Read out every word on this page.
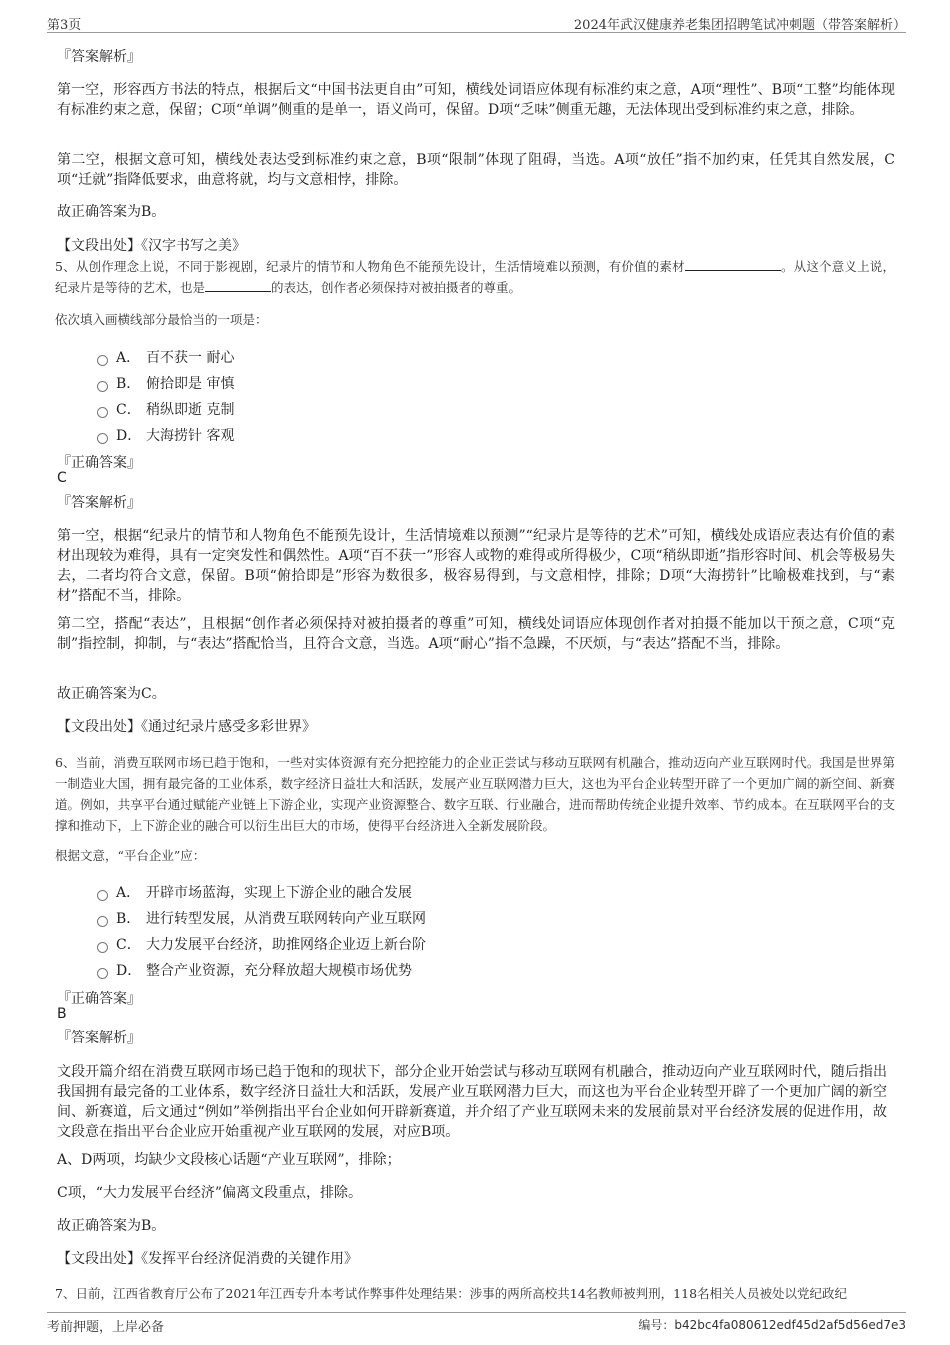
第3页	2024年武汉健康养老集团招聘笔试冲刺题（带答案解析）
『答案解析』
第一空，形容西方书法的特点，根据后文“中国书法更自由”可知，横线处词语应体现有标准约束之意，A项“理性”、B项“工整”均能体现有标准约束之意，保留；C项“单调”侧重的是单一，语义尚可，保留。D项“乏味”侧重无趣，无法体现出受到标准约束之意，排除。
第二空，根据文意可知，横线处表达受到标准约束之意，B项“限制”体现了阻碍，当选。A项“放任”指不加约束，任凭其自然发展，C项“迁就”指降低要求，曲意将就，均与文意相悖，排除。
故正确答案为B。
【文段出处】《汉字书写之美》
5、从创作理念上说，不同于影视剧，纪录片的情节和人物角色不能预先设计，生活情境难以预测，有价值的素材	。从这个意义上说，纪录片是等待的艺术，也是	的表达，创作者必须保持对被拍摄者的尊重。
依次填入画横线部分最恰当的一项是：
A． 百不获一 耐心
B． 俯拾即是 审慎
C． 稍纵即逝 克制
D． 大海捞针 客观
『正确答案』
C
『答案解析』
第一空，根据“纪录片的情节和人物角色不能预先设计，生活情境难以预测”“纪录片是等待的艺术”可知，横线处成语应表达有价值的素材出现较为难得，具有一定突发性和偶然性。A项“百不获一”形容人或物的难得或所得极少，C项“稍纵即逝”指形容时间、机会等极易失去，二者均符合文意，保留。B项“俯拾即是”形容为数很多，极容易得到，与文意相悖，排除；D项“大海捞针”比喻极难找到，与“素材”搭配不当，排除。
第二空，搭配“表达”，且根据“创作者必须保持对被拍摄者的尊重”可知，横线处词语应体现创作者对拍摄不能加以干预之意，C项“克制”指控制，抑制，与“表达”搭配恰当，且符合文意，当选。A项“耐心”指不急躁，不厌烦，与“表达”搭配不当，排除。
故正确答案为C。
【文段出处】《通过纪录片感受多彩世界》
6、当前，消费互联网市场已趋于饱和，一些对实体资源有充分把控能力的企业正尝试与移动互联网有机融合，推动迈向产业互联网时代。我国是世界第一制造业大国，拥有最完备的工业体系，数字经济日益壮大和活跃，发展产业互联网潜力巨大，这也为平台企业转型开辟了一个更加广阔的新空间、新赛道。例如，共享平台通过赋能产业链上下游企业，实现产业资源整合、数字互联、行业融合，进而帮助传统企业提升效率、节约成本。在互联网平台的支撑和推动下，上下游企业的融合可以衍生出巨大的市场，使得平台经济进入全新发展阶段。
根据文意，“平台企业”应：
A． 开辟市场蓝海，实现上下游企业的融合发展
B． 进行转型发展，从消费互联网转向产业互联网
C． 大力发展平台经济，助推网络企业迈上新台阶
D． 整合产业资源，充分释放超大规模市场优势
『正确答案』
B
『答案解析』
文段开篇介绍在消费互联网市场已趋于饱和的现状下，部分企业开始尝试与移动互联网有机融合，推动迈向产业互联网时代，随后指出我国拥有最完备的工业体系，数字经济日益壮大和活跃，发展产业互联网潜力巨大，而这也为平台企业转型开辟了一个更加广阔的新空间、新赛道，后文通过“例如”举例指出平台企业如何开辟新赛道，并介绍了产业互联网未来的发展前景对平台经济发展的促进作用，故文段意在指出平台企业应开始重视产业互联网的发展，对应B项。
A、D两项，均缺少文段核心话题“产业互联网”，排除；
C项，“大力发展平台经济”偏离文段重点，排除。
故正确答案为B。
【文段出处】《发挥平台经济促消费的关键作用》
7、日前，江西省教育厅公布了2021年江西专升本考试作弊事件处理结果：涉事的两所高校共14名教师被判刑，118名相关人员被处以党纪政纪
考前押题，上岸必备	编号：b42bc4fa080612edf45d2af5d56ed7e3
